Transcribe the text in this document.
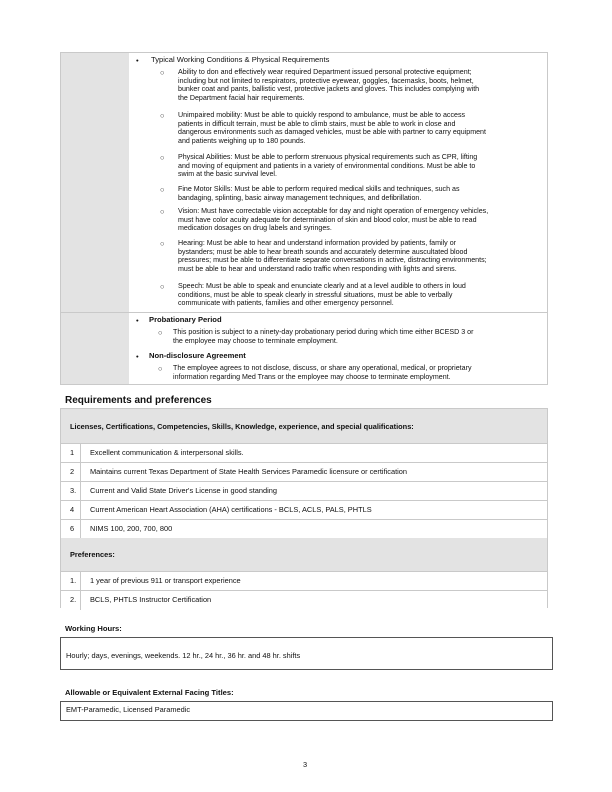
• Typical Working Conditions & Physical Requirements
○ Ability to don and effectively wear required Department issued personal protective equipment;
including but not limited to respirators, protective eyewear, goggles, facemasks, boots, helmet,
bunker coat and pants, ballistic vest, protective jackets and gloves. This includes complying with
the Department facial hair requirements.
○ Unimpaired mobility: Must be able to quickly respond to ambulance, must be able to access
patients in difficult terrain, must be able to climb stairs, must be able to work in close and
dangerous environments such as damaged vehicles, must be able with partner to carry equipment
and patients weighing up to 180 pounds.
○ Physical Abilities: Must be able to perform strenuous physical requirements such as CPR, lifting
and moving of equipment and patients in a variety of environmental conditions. Must be able to
swim at the basic survival level.
○ Fine Motor Skills: Must be able to perform required medical skills and techniques, such as
bandaging, splinting, basic airway management techniques, and defibrillation.
○ Vision: Must have correctable vision acceptable for day and night operation of emergency vehicles,
must have color acuity adequate for determination of skin and blood color, must be able to read
medication dosages on drug labels and syringes.
○ Hearing: Must be able to hear and understand information provided by patients, family or
bystanders; must be able to hear breath sounds and accurately determine auscultated blood
pressures; must be able to differentiate separate conversations in active, distracting environments;
must be able to hear and understand radio traffic when responding with lights and sirens.
○ Speech: Must be able to speak and enunciate clearly and at a level audible to others in loud
conditions, must be able to speak clearly in stressful situations, must be able to verbally
communicate with patients, families and other emergency personnel.
• Probationary Period
○ This position is subject to a ninety-day probationary period during which time either BCESD 3 or
the employee may choose to terminate employment.
• Non-disclosure Agreement
○ The employee agrees to not disclose, discuss, or share any operational, medical, or proprietary
information regarding Med Trans or the employee may choose to terminate employment.
Requirements and preferences
Licenses, Certifications, Competencies, Skills, Knowledge, experience, and special qualifications:
1	Excellent communication & interpersonal skills.
2	Maintains current Texas Department of State Health Services Paramedic licensure or certification
3.	Current and Valid State Driver's License in good standing
4	Current American Heart Association (AHA) certifications - BCLS, ACLS, PALS, PHTLS
6	NIMS 100, 200, 700, 800
Preferences:
1.	1 year of previous 911 or transport experience
2.	BCLS, PHTLS Instructor Certification
Working Hours:
Hourly; days, evenings, weekends. 12 hr., 24 hr., 36 hr. and 48 hr. shifts
Allowable or Equivalent External Facing Titles:
EMT-Paramedic, Licensed Paramedic
3
